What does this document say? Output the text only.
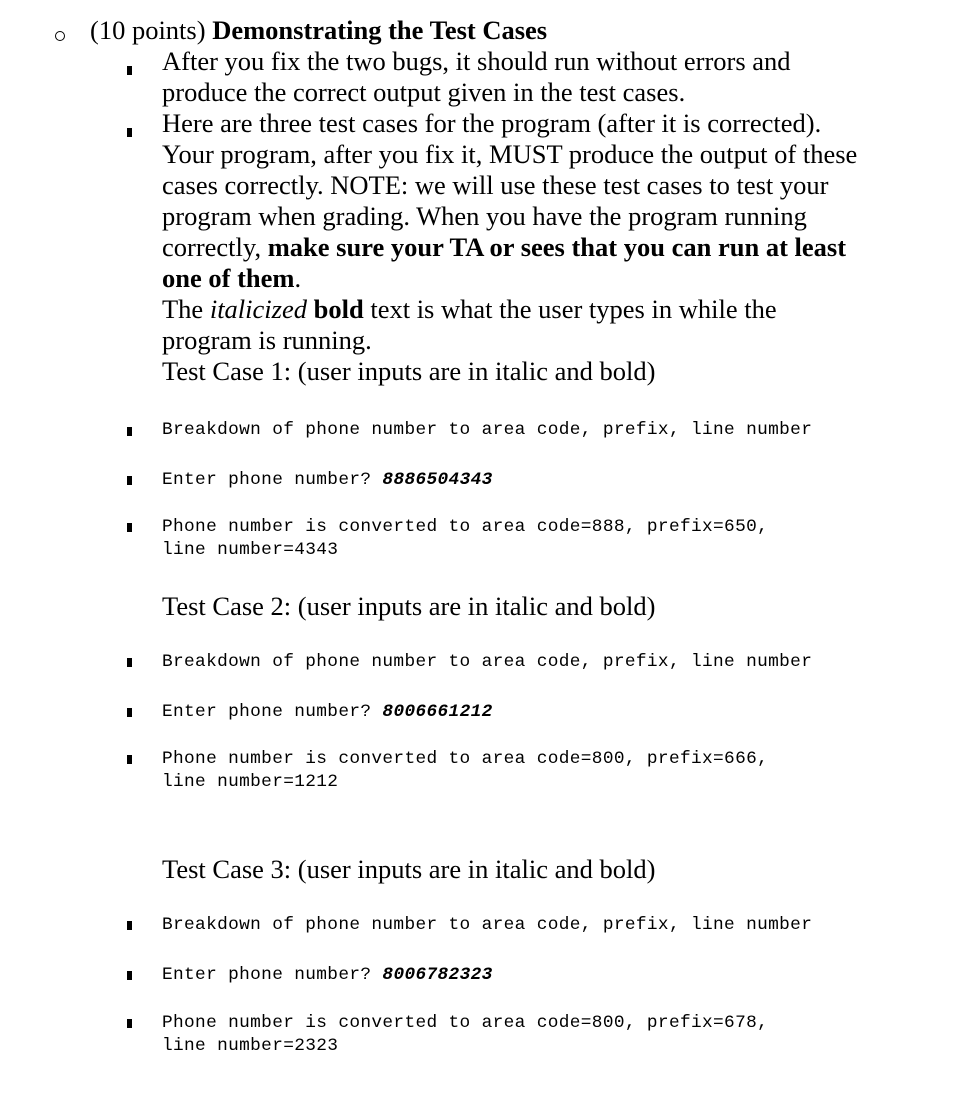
(10 points) Demonstrating the Test Cases
After you fix the two bugs, it should run without errors and
produce the correct output given in the test cases.
Here are three test cases for the program (after it is corrected).
Your program, after you fix it, MUST produce the output of these
cases correctly. NOTE: we will use these test cases to test your
program when grading. When you have the program running
correctly, make sure your TA or sees that you can run at least
one of them.
The italicized bold text is what the user types in while the
program is running.
Test Case 1: (user inputs are in italic and bold)
Breakdown of phone number to area code, prefix, line number
Enter phone number? 8886504343
Phone number is converted to area code=888, prefix=650,
line number=4343
Test Case 2: (user inputs are in italic and bold)
Breakdown of phone number to area code, prefix, line number
Enter phone number? 8006661212
Phone number is converted to area code=800, prefix=666,
line number=1212
Test Case 3: (user inputs are in italic and bold)
Breakdown of phone number to area code, prefix, line number
Enter phone number? 8006782323
Phone number is converted to area code=800, prefix=678,
line number=2323
